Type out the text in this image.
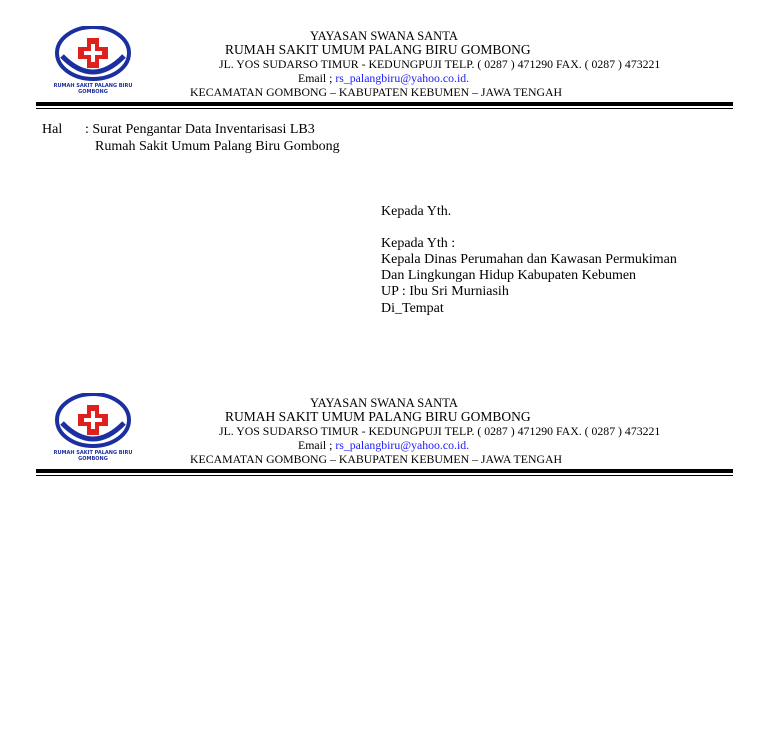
RUMAH SAKIT PALANG BIRU
GOMBONG
YAYASAN SWANA SANTA
RUMAH SAKIT UMUM PALANG BIRU GOMBONG
JL. YOS SUDARSO TIMUR - KEDUNGPUJI TELP. ( 0287 ) 471290 FAX. ( 0287 ) 473221
Email ; rs_palangbiru@yahoo.co.id.
KECAMATAN GOMBONG – KABUPATEN KEBUMEN – JAWA TENGAH
Hal : Surat Pengantar Data Inventarisasi LB3
Rumah Sakit Umum Palang Biru Gombong
Kepada Yth.
Kepada Yth :
Kepala Dinas Perumahan dan Kawasan Permukiman
Dan Lingkungan Hidup Kabupaten Kebumen
UP : Ibu Sri Murniasih
Di_Tempat
RUMAH SAKIT PALANG BIRU
GOMBONG
YAYASAN SWANA SANTA
RUMAH SAKIT UMUM PALANG BIRU GOMBONG
JL. YOS SUDARSO TIMUR - KEDUNGPUJI TELP. ( 0287 ) 471290 FAX. ( 0287 ) 473221
Email ; rs_palangbiru@yahoo.co.id.
KECAMATAN GOMBONG – KABUPATEN KEBUMEN – JAWA TENGAH
